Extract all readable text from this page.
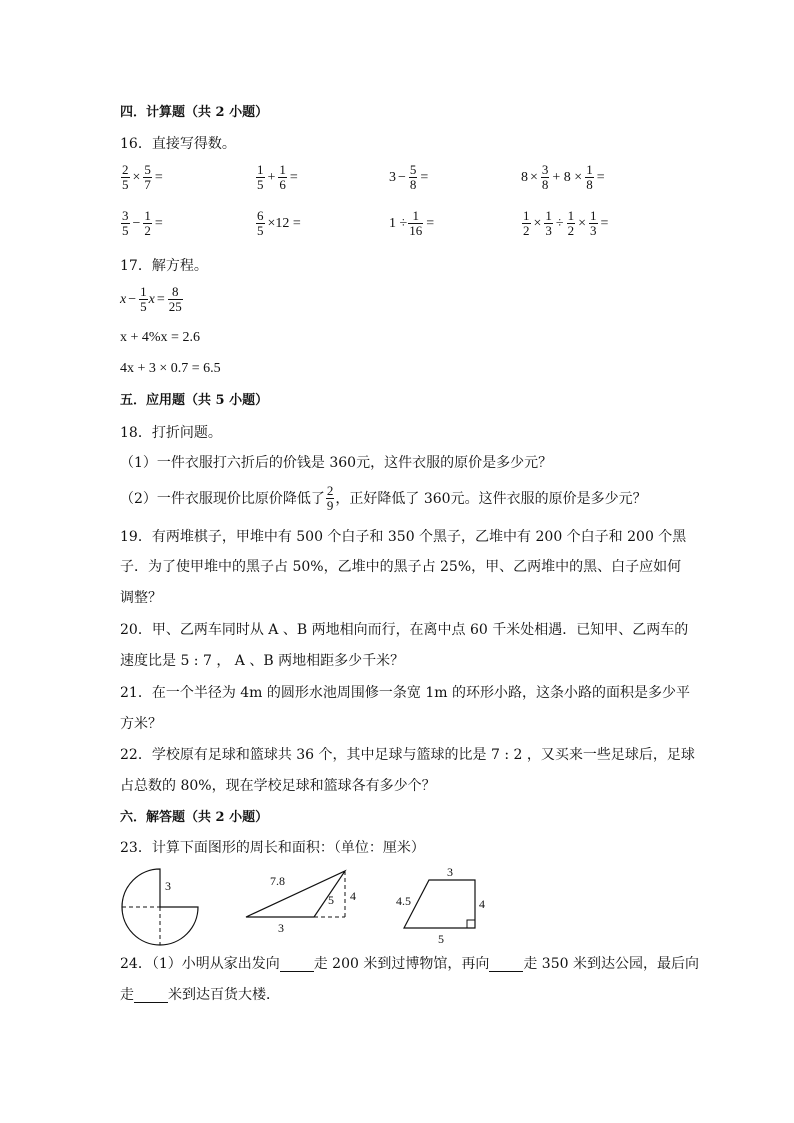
四．计算题（共 2 小题）
16．直接写得数。
$\frac{2}{5} \times \frac{5}{7}$ =	$\frac{1}{5} + \frac{1}{6}$ =	$3 - \frac{5}{8}$ =	$8 \times \frac{3}{8} + 8 \times \frac{1}{8}$ =
$\frac{3}{5} - \frac{1}{2}$ =	$\frac{6}{5} \times 12$ =	$1 \div \frac{1}{16}$ =	$\frac{1}{2} \times \frac{1}{3} \div \frac{1}{2} \times \frac{1}{3}$ =
17．解方程。
$x - \frac{1}{5}$ $x = \frac{8}{25}$
x + 4%x = 2.6
4x + 3 × 0.7 = 6.5
五．应用题（共 5 小题）
18．打折问题。
（1）一件衣服打六折后的价钱是 360元，这件衣服的原价是多少元？
（2）一件衣服现价比原价降低了 $\frac{2}{9}$ ，正好降低了 360元。这件衣服的原价是多少元？
19．有两堆棋子，甲堆中有 500 个白子和 350 个黑子，乙堆中有 200 个白子和 200 个黑
子．为了使甲堆中的黑子占 50%，乙堆中的黑子占 25%，甲、乙两堆中的黑、白子应如何
调整？
20．甲、乙两车同时从 A 、B 两地相向而行，在离中点 60 千米处相遇．已知甲、乙两车的
速度比是 5 : 7 ， A 、B 两地相距多少千米？
21．在一个半径为 4m 的圆形水池周围修一条宽 1m 的环形小路，这条小路的面积是多少平
方米？
22．学校原有足球和篮球共 36 个，其中足球与篮球的比是 7 : 2 ，又买来一些足球后，足球
占总数的 80%，现在学校足球和篮球各有多少个？
六．解答题（共 2 小题）
23．计算下面图形的周长和面积：（单位：厘米）
3	7.8
3
5 4
3
4.5	4
5
24．（1）小明从家出发向 走 200 米到过博物馆，再向 走 350 米到达公园，最后向
走 米到达百货大楼．
